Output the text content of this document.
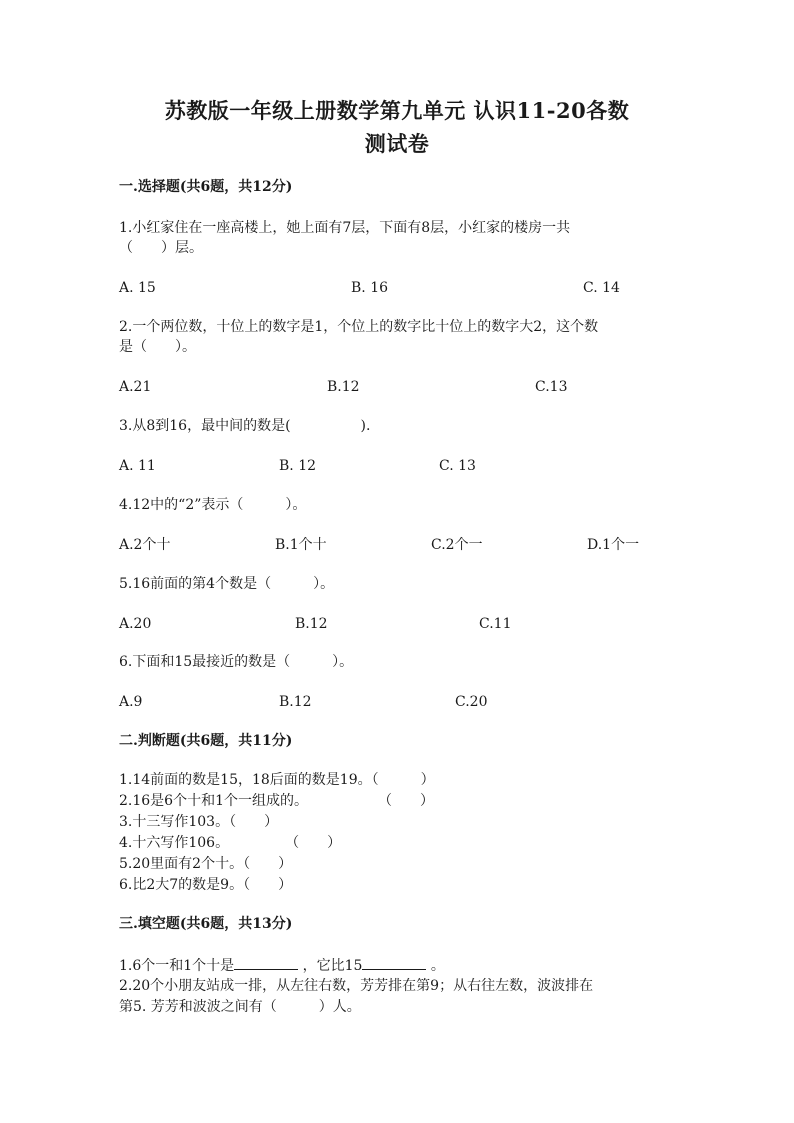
苏教版一年级上册数学第九单元 认识11-20各数
测试卷
一.选择题(共6题，共12分)
1.小红家住在一座高楼上，她上面有7层，下面有8层，小红家的楼房一共
（　　）层。
A. 15	B. 16	C. 14
2.一个两位数，十位上的数字是1，个位上的数字比十位上的数字大2，这个数
是（　　）。
A.21	B.12	C.13
3.从8到16，最中间的数是(　　　　　).
A. 11	B. 12	C. 13
4.12中的“2”表示（　　　）。
A.2个十	B.1个十	C.2个一	D.1个一
5.16前面的第4个数是（　　　）。
A.20	B.12	C.11
6.下面和15最接近的数是（　　　）。
A.9	B.12	C.20
二.判断题(共6题，共11分)
1.14前面的数是15，18后面的数是19。（　　　）
2.16是6个十和1个一组成的。　　　　　　（　　）
3.十三写作103。（　　）
4.十六写作106。　　　　　（　　）
5.20里面有2个十。（　　）
6.比2大7的数是9。（　　）
三.填空题(共6题，共13分)
1.6个一和1个十是	，它比15	。
2.20个小朋友站成一排，从左往右数，芳芳排在第9；从右往左数，波波排在
第5. 芳芳和波波之间有（　　　）人。
